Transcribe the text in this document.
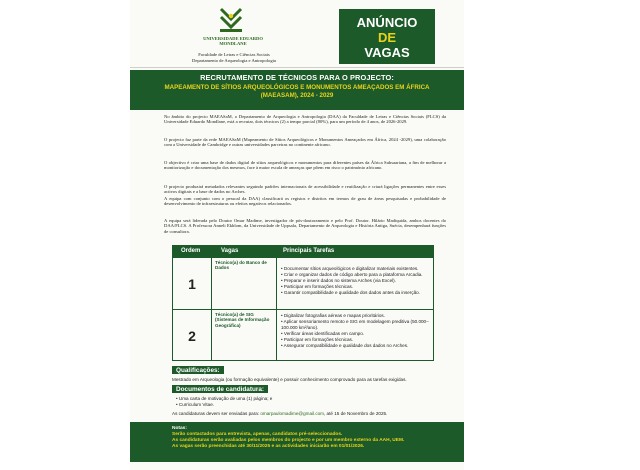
UNIVERSIDADE EDUARDO MONDLANE
Faculdade de Letras e Ciências Sociais
Departamento de Arqueologia e Antropologia
ANÚNCIO
DE
VAGAS
RECRUTAMENTO DE TÉCNICOS PARA O PROJECTO:
MAPEAMENTO DE SÍTIOS ARQUEOLÓGICOS E MONUMENTOS AMEAÇADOS EM ÁFRICA (MAEASAM), 2024 - 2029
No âmbito do projecto MAEASaM, o Departamento de Arqueologia e Antropologia (DAA) da Faculdade de Letras e Ciências Sociais (FLCS) da Universidade Eduardo Mondlane, está a recrutar, dois técnicos (2) a tempo parcial (80%), para um período de 4 anos, de 2026-2029.
O projecto faz parte da rede MAEASaM (Mapeamento de Sítios Arqueológicos e Monumentos Ameaçados em África, 2024 -2029), uma colaboração com a Universidade de Cambridge e outras universidades parceiras no continente africano.
O objectivo é criar uma base de dados digital de sítios arqueológicos e monumentos para diferentes países da África Subsaariana, a fim de melhorar a monitorização e documentação dos mesmos, face à maior escala de ameaças que põem em risco o património africano.
O projecto produzirá metadados relevantes seguindo padrões internacionais de acessibilidade e reutilização e criará ligações permanentes entre esses activos digitais e a base de dados no Arches.
A equipa com conjunto com o pessoal da DAA) classificará os registos e distritos em termos de grau de áreas pesquisadas e probabilidade de desenvolvimento de infraestruturas ou efeitos negativos relacionados.
A equipa será liderada pelo Doutor Omar Madime, investigador de pós-doutoramento e pelo Prof. Doutor. Hilário Madiquida, ambos docentes do DAA/FLCS. A Professora Anneli Ekblom, da Universidade de Uppsala, Departamento de Arqueologia e História Antiga, Suécia, desempenhará funções de consultora.
Ordem	Vagas	Principais Tarefas
1
Técnico(a) do Banco de Dados
•	Documentar sítios arqueológicos e digitalizar materiais existentes.
• Criar e organizar dados de código aberto para a plataforma Arcadia.
• Preparar e inserir dados no sistema Arches (via Excel).
• Participar em formações técnicas.
• Garantir compatibilidade e qualidade dos dados antes da inserção.
2
Técnico(a) de SIG (Sistemas de Informação Geográfica)
• Digitalizar fotografias aéreas e mapas prioritários.
• Aplicar sensoriamento remoto e SIG em modelagem preditiva (50.000–100.000 km²/ano).
• Verificar áreas identificadas em campo.
• Participar em formações técnicas.
• Assegurar compatibilidade e qualidade dos dados no Arches.
Qualificações:
Mestrado em Arqueologia (ou formação equivalente) e possuir conhecimento comprovado para as tarefas exigidas.
Documentos de candidatura:
• Uma carta de motivação de uma (1) página; e
• Curriculum Vitae.
As candidaturas devem ser enviadas para: omarpaulomadime@gmail.com, até 15 de Novembro de 2025.
Notas:
Serão contactados para entrevista, apenas, candidatos pré-seleccionados.
As candidaturas serão avaliadas pelos membros do projecto e por um membro externo da AAH, UEM.
As vagas serão preenchidas até 30/11/2025 e as actividades iniciarão em 01/01/2026.
